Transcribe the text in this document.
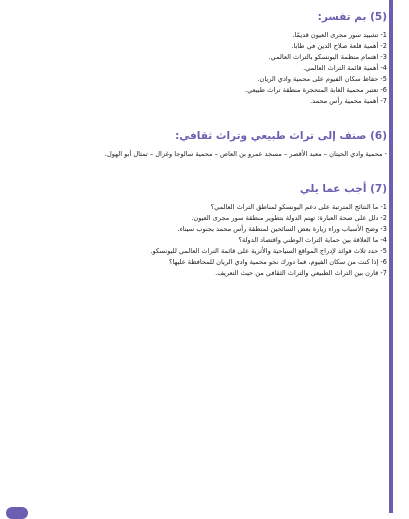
(5) بم تفسر:
1- تشييد سور مجرى العيون قديمًا.
2- أهمية قلعة صلاح الدين في طابا.
3- اهتمام منظمة اليونسكو بالتراث العالمي.
4- أهمية قائمة التراث العالمي.
5- حفاظ سكان الفيوم على محمية وادي الريان.
6- تعتبر محمية الغابة المتحجرة منطقة تراث طبيعي.
7- أهمية محمية رأس محمد.
(6) صنف إلى تراث طبيعي وتراث ثقافي:
- محمية وادي الحيتان – معبد الأقصر – مسجد عمرو بن العاص – محمية سالوجا وغزال – تمثال أبو الهول.
(7) أجب عما يلي
1- ما النتائج المترتبة على دعم اليونسكو لمناطق التراث العالمي؟
2- دلل على صحة العبارة: تهتم الدولة بتطوير منطقة سور مجرى العيون.
3- وضح الأسباب وراء زيارة بعض السائحين لمنطقة رأس محمد بجنوب سيناء.
4- ما العلاقة بين حماية التراث الوطني واقتصاد الدولة؟
5- حدد ثلاث فوائد لإدراج المواقع السياحية والأثرية على قائمة التراث العالمي لليونسكو.
6- إذا كنت من سكان الفيوم، فما دورك نحو محمية وادي الريان للمحافظة عليها؟
7- قارن بين التراث الطبيعي والتراث الثقافي من حيث التعريف.
